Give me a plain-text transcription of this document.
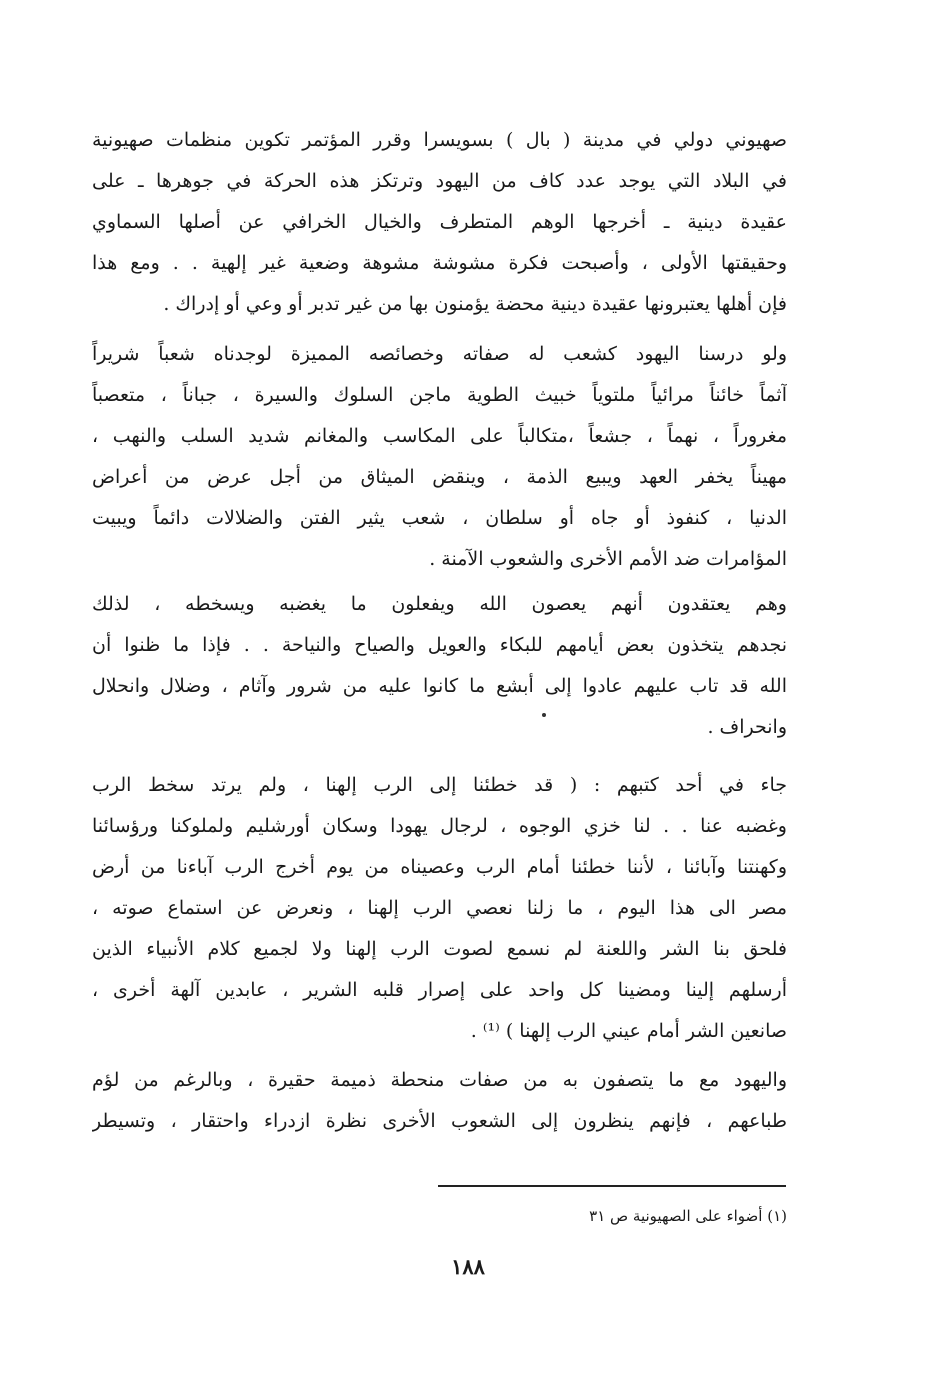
صهيوني دولي في مدينة ( بال ) بسويسرا وقرر المؤتمر تكوين منظمات صهيونية
في البلاد التي يوجد عدد كاف من اليهود وترتكز هذه الحركة في جوهرها ـ على
عقيدة دينية ـ أخرجها الوهم المتطرف والخيال الخرافي عن أصلها السماوي
وحقيقتها الأولى ، وأصبحت فكرة مشوشة مشوهة وضعية غير إلهية . . ومع هذا
فإن أهلها يعتبرونها عقيدة دينية محضة يؤمنون بها من غير تدبر أو وعي أو إدراك .
ولو درسنا اليهود كشعب له صفاته وخصائصه المميزة لوجدناه شعباً شريراً
آثماً خائناً مرائياً ملتوياً خبيث الطوية ماجن السلوك والسيرة ، جباناً ، متعصباً
مغروراً ، نهماً ، جشعاً ،متكالباً على المكاسب والمغانم شديد السلب والنهب ،
مهيناً يخفر العهد ويبيع الذمة ، وينقض الميثاق من أجل عرض من أعراض
الدنيا ، كنفوذ أو جاه أو سلطان ، شعب يثير الفتن والضلالات دائماً ويبيت
المؤامرات ضد الأمم الأخرى والشعوب الآمنة .
وهم يعتقدون أنهم يعصون الله ويفعلون ما يغضبه ويسخطه ، لذلك
نجدهم يتخذون بعض أيامهم للبكاء والعويل والصياح والنياحة . . فإذا ما ظنوا أن
الله قد تاب عليهم عادوا إلى أبشع ما كانوا عليه من شرور وآثام ، وضلال وانحلال
وانحراف .
جاء في أحد كتبهم : ( قد خطئنا إلى الرب إلهنا ، ولم يرتد سخط الرب
وغضبه عنا . . لنا خزي الوجوه ، لرجال يهودا وسكان أورشليم ولملوكنا ورؤسائنا
وكهنتنا وآبائنا ، لأننا خطئنا أمام الرب وعصيناه من يوم أخرج الرب آباءنا من أرض
مصر الى هذا اليوم ، ما زلنا نعصي الرب إلهنا ، ونعرض عن استماع صوته ،
فلحق بنا الشر واللعنة لم نسمع لصوت الرب إلهنا ولا لجميع كلام الأنبياء الذين
أرسلهم إلينا ومضينا كل واحد على إصرار قلبه الشرير ، عابدين آلهة أخرى ،
صانعين الشر أمام عيني الرب إلهنا ) ⁽¹⁾ .
واليهود مع ما يتصفون به من صفات منحطة ذميمة حقيرة ، وبالرغم من لؤم
طباعهم ، فإنهم ينظرون إلى الشعوب الأخرى نظرة ازدراء واحتقار ، وتسيطر
(١) أضواء على الصهيونية ص ٣١
١٨٨
